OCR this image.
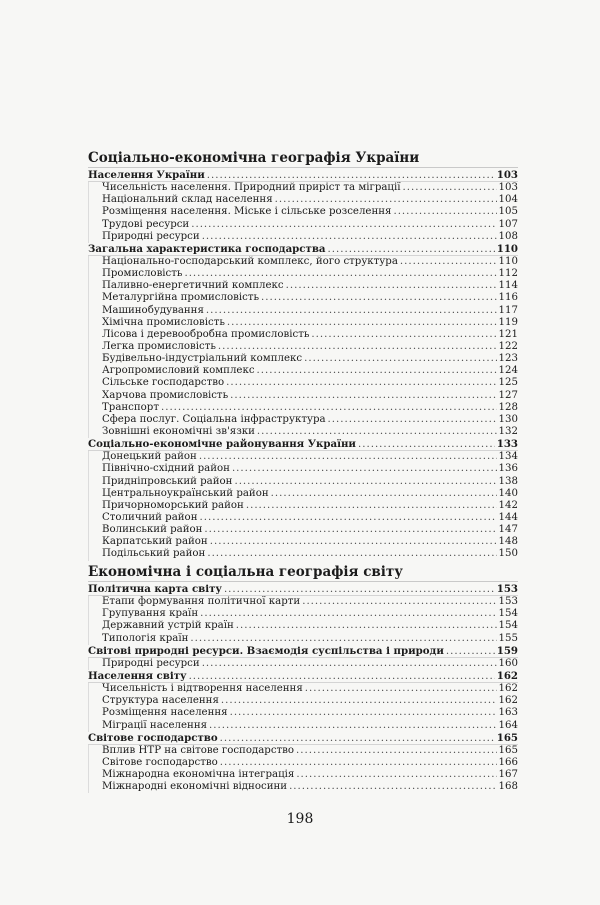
Соціально-економічна географія України
Населення України .....	103
Чисельність населення. Природний приріст та міграції .....	103
Національний склад населення .....	104
Розміщення населення. Міське і сільське розселення .....	105
Трудові ресурси .....	107
Природні ресурси .....	108
Загальна характеристика господарства .....	110
Національно-господарський комплекс, його структура .....	110
Промисловість .....	112
Паливно-енергетичний комплекс .....	114
Металургійна промисловість .....	116
Машинобудування .....	117
Хімічна промисловість .....	119
Лісова і деревообробна промисловість .....	121
Легка промисловість .....	122
Будівельно-індустріальний комплекс .....	123
Агропромисловий комплекс .....	124
Сільське господарство .....	125
Харчова промисловість .....	127
Транспорт .....	128
Сфера послуг. Соціальна інфраструктура .....	130
Зовнішні економічні зв'язки .....	132
Соціально-економічне районування України .....	133
Донецький район .....	134
Північно-східний район .....	136
Придніпровський район .....	138
Центральноукраїнський район .....	140
Причорноморський район .....	142
Столичний район .....	144
Волинський район .....	147
Карпатський район .....	148
Подільський район .....	150
Економічна і соціальна географія світу
Політична карта світу .....	153
Етапи формування політичної карти .....	153
Групування країн .....	154
Державний устрій країн .....	154
Типологія країн .....	155
Світові природні ресурси. Взаємодія суспільства і природи .....	159
Природні ресурси .....	160
Населення світу .....	162
Чисельність і відтворення населення .....	162
Структура населення .....	162
Розміщення населення .....	163
Міграції населення .....	164
Світове господарство .....	165
Вплив НТР на світове господарство .....	165
Світове господарство .....	166
Міжнародна економічна інтеграція .....	167
Міжнародні економічні відносини .....	168
198
